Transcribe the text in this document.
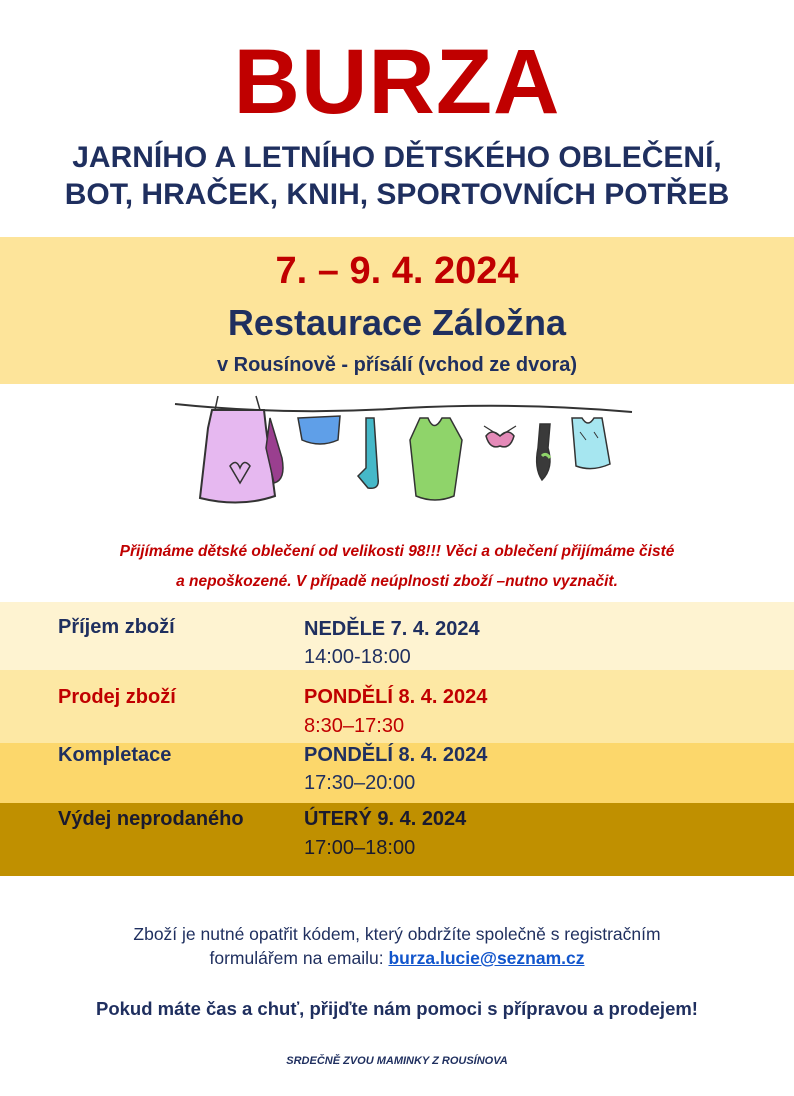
BURZA
JARNÍHO A LETNÍHO DĚTSKÉHO OBLEČENÍ,
BOT, HRAČEK, KNIH, SPORTOVNÍCH POTŘEB
7. – 9. 4. 2024
Restaurace Záložna
v Rousínově - přísálí (vchod ze dvora)
Přijímáme dětské oblečení od velikosti 98!!! Věci a oblečení přijímáme čisté
a nepoškozené. V případě neúplnosti zboží –nutno vyznačit.
Příjem zboží	NEDĚLE 7. 4. 2024
14:00-18:00
Prodej zboží	PONDĚLÍ 8. 4. 2024
8:30–17:30
Kompletace	PONDĚLÍ 8. 4. 2024
17:30–20:00
Výdej neprodaného	ÚTERÝ 9. 4. 2024
17:00–18:00
Zboží je nutné opatřit kódem, který obdržíte společně s registračním
formulářem na emailu: burza.lucie@seznam.cz
Pokud máte čas a chuť, přijďte nám pomoci s přípravou a prodejem!
SRDEČNĚ ZVOU MAMINKY Z ROUSÍNOVA
